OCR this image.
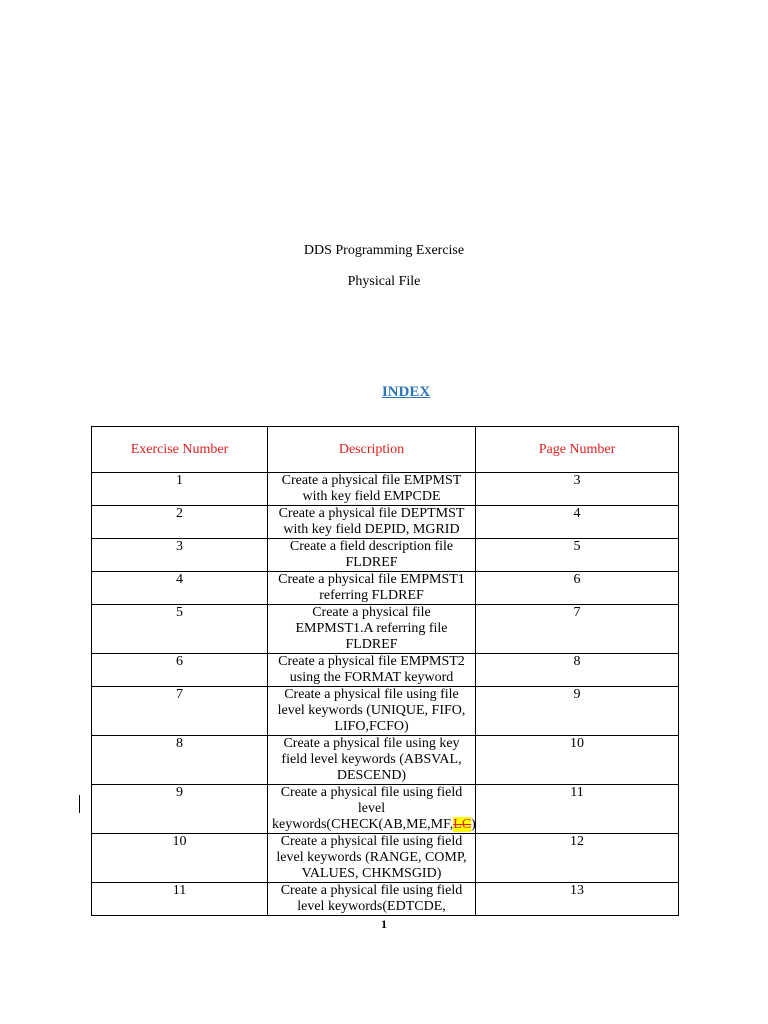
DDS Programming Exercise
Physical File
INDEX
Exercise Number	Description	Page Number
1	Create a physical file EMPMST with key field EMPCDE	3
2	Create a physical file DEPTMST with key field DEPID, MGRID	4
3	Create a field description file FLDREF	5
4	Create a physical file EMPMST1 referring FLDREF	6
5	Create a physical file EMPMST1.A referring file FLDREF	7
6	Create a physical file EMPMST2 using the FORMAT keyword	8
7	Create a physical file using file level keywords (UNIQUE, FIFO, LIFO,FCFO)	9
8	Create a physical file using key field level keywords (ABSVAL, DESCEND)	10
9	Create a physical file using field level keywords(CHECK(AB,ME,MF,LC)	11
10	Create a physical file using field level keywords (RANGE, COMP, VALUES, CHKMSGID)	12
11	Create a physical file using field level keywords(EDTCDE,	13
1
